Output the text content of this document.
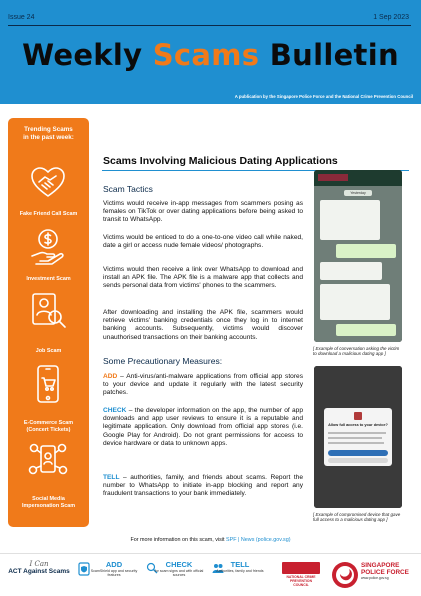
Issue 24	1 Sep 2023
Weekly Scams Bulletin
A publication by the Singapore Police Force and the National Crime Prevention Council
Trending Scams
in the past week:
Fake Friend Call Scam
Investment Scam
Job Scam
E-Commerce Scam
(Concert Tickets)
Social Media
Impersonation Scam
Scams Involving Malicious Dating Applications
Scam Tactics

Victims would receive in-app messages from scammers posing as females on TikTok or over dating applications before being asked to transit to WhatsApp.

Victims would be enticed to do a one-to-one video call while naked, date a girl or access nude female videos/ photographs.

Victims would then receive a link over WhatsApp to download and install an APK file. The APK file is a malware app that collects and sends personal data from victims' phones to the scammers.

After downloading and installing the APK file, scammers would retrieve victims' banking credentials once they log in to internet banking accounts. Subsequently, victims would discover unauthorised transactions on their banking accounts.

Some Precautionary Measures:

ADD – Anti-virus/anti-malware applications from official app stores to your device and update it regularly with the latest security patches.

CHECK – the developer information on the app, the number of app downloads and app user reviews to ensure it is a reputable and legitimate application. Only download from official app stores (i.e. Google Play for Android). Do not grant permissions for access to device hardware or data to unknown apps.

TELL – authorities, family, and friends about scams. Report the number to WhatsApp to initiate in-app blocking and report any fraudulent transactions to your bank immediately.

Yesterday
[ Example of conversation asking the victim to download a malicious dating app ]
Allow full access to your device?
[ Example of compromised device that gave full access to a malicious dating app ]
For more information on this scam, visit SPF | News (police.gov.sg)
I Can
ACT Against Scams
ADD
ScamShield app and security features
CHECK
for scam signs and with official sources
TELL
Authorities, family and friends
NATIONAL CRIME PREVENTION COUNCIL
SINGAPORE
POLICE FORCE
www.police.gov.sg
